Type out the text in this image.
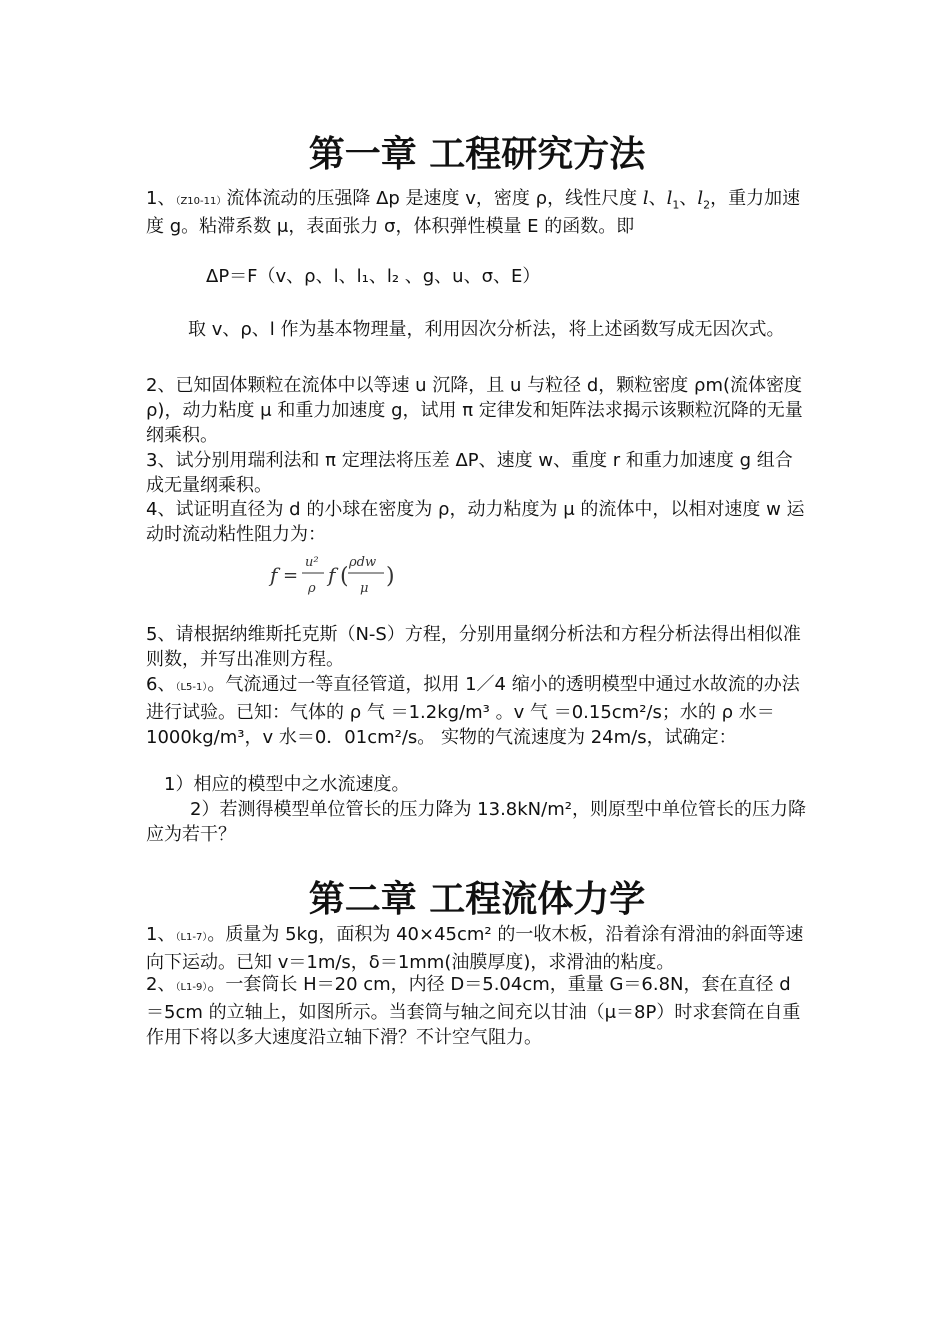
第一章 工程研究方法
1、（Z10-11）流体流动的压强降 Δp 是速度 v，密度 ρ，线性尺度 l、$l_1$、$l_2$，重力加速度 g。粘滞系数 μ，表面张力 σ，体积弹性模量 E 的函数。即
ΔP＝F（v、ρ、l、l₁、l₂ 、g、u、σ、E）
取 v、ρ、l 作为基本物理量，利用因次分析法，将上述函数写成无因次式。
2、已知固体颗粒在流体中以等速 u 沉降，且 u 与粒径 d，颗粒密度 ρm(流体密度 ρ)，动力粘度 μ 和重力加速度 g，试用 π 定律发和矩阵法求揭示该颗粒沉降的无量纲乘积。
3、试分别用瑞利法和 π 定理法将压差 ΔP、速度 w、重度 r 和重力加速度 g 组合成无量纲乘积。
4、试证明直径为 d 的小球在密度为 ρ，动力粘度为 μ 的流体中，以相对速度 w 运动时流动粘性阻力为：
5、请根据纳维斯托克斯（N-S）方程，分别用量纲分析法和方程分析法得出相似准则数，并写出准则方程。
6、（L5-1）。气流通过一等直径管道，拟用 1／4 缩小的透明模型中通过水故流的办法进行试验。已知：气体的 ρ 气 ＝1.2kg/m³ 。v 气 ＝0.15cm²/s；水的 ρ 水＝1000kg/m³，v 水＝0．01cm²/s。 实物的气流速度为 24m/s，试确定：
1）相应的模型中之水流速度。
2）若测得模型单位管长的压力降为 13.8kN/m²，则原型中单位管长的压力降应为若干？
第二章 工程流体力学
1、（L1-7）。质量为 5kg，面积为 40×45cm² 的一收木板，沿着涂有滑油的斜面等速向下运动。已知 v＝1m/s，δ＝1mm(油膜厚度)，求滑油的粘度。
2、（L1-9）。一套筒长 H＝20 cm，内径 D＝5.04cm，重量 G＝6.8N，套在直径 d＝5cm 的立轴上，如图所示。当套筒与轴之间充以甘油（μ＝8P）时求套筒在自重作用下将以多大速度沿立轴下滑？不计空气阻力。
f =
u²
ρ
f (
ρdw
μ )
